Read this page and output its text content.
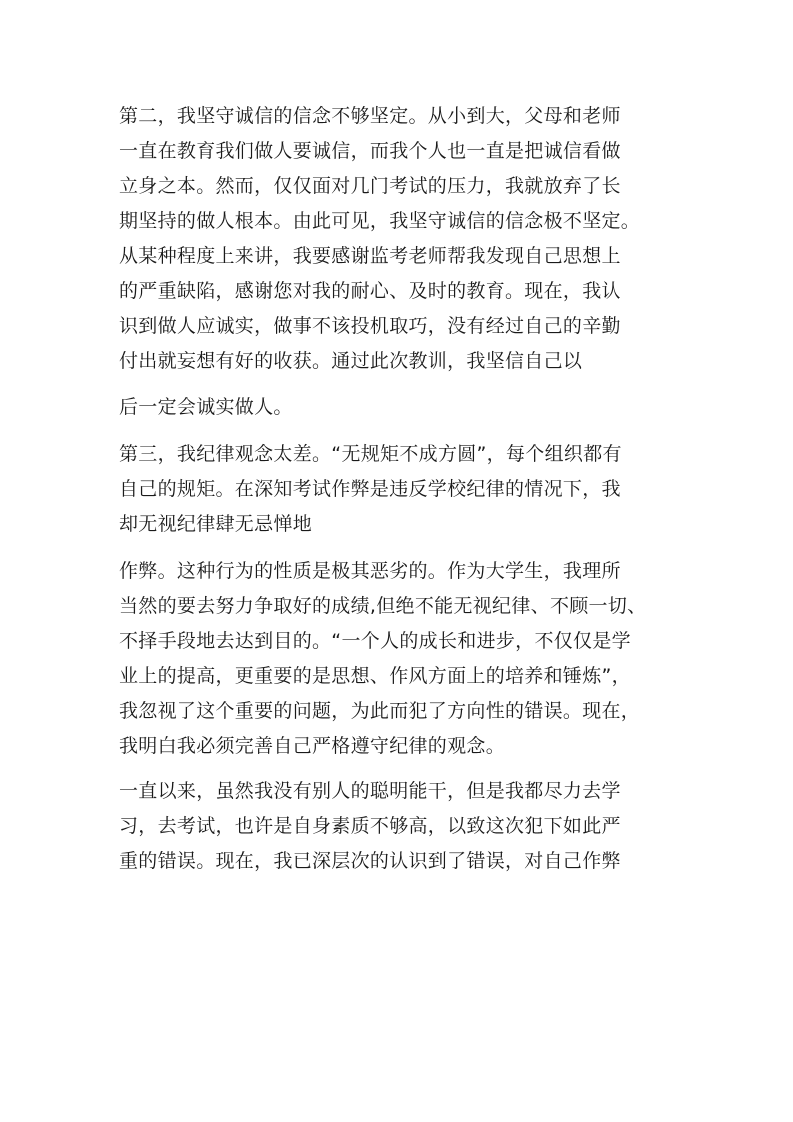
第二，我坚守诚信的信念不够坚定。从小到大，父母和老师
一直在教育我们做人要诚信，而我个人也一直是把诚信看做
立身之本。然而，仅仅面对几门考试的压力，我就放弃了长
期坚持的做人根本。由此可见，我坚守诚信的信念极不坚定。
从某种程度上来讲，我要感谢监考老师帮我发现自己思想上
的严重缺陷，感谢您对我的耐心、及时的教育。现在，我认
识到做人应诚实，做事不该投机取巧，没有经过自己的辛勤
付出就妄想有好的收获。通过此次教训，我坚信自己以
后一定会诚实做人。
第三，我纪律观念太差。“无规矩不成方圆”，每个组织都有
自己的规矩。在深知考试作弊是违反学校纪律的情况下，我
却无视纪律肆无忌惮地
作弊。这种行为的性质是极其恶劣的。作为大学生，我理所
当然的要去努力争取好的成绩,但绝不能无视纪律、不顾一切、
不择手段地去达到目的。“一个人的成长和进步，不仅仅是学
业上的提高，更重要的是思想、作风方面上的培养和锤炼”，
我忽视了这个重要的问题，为此而犯了方向性的错误。现在，
我明白我必须完善自己严格遵守纪律的观念。
一直以来，虽然我没有别人的聪明能干，但是我都尽力去学
习，去考试，也许是自身素质不够高，以致这次犯下如此严
重的错误。现在，我已深层次的认识到了错误，对自己作弊
